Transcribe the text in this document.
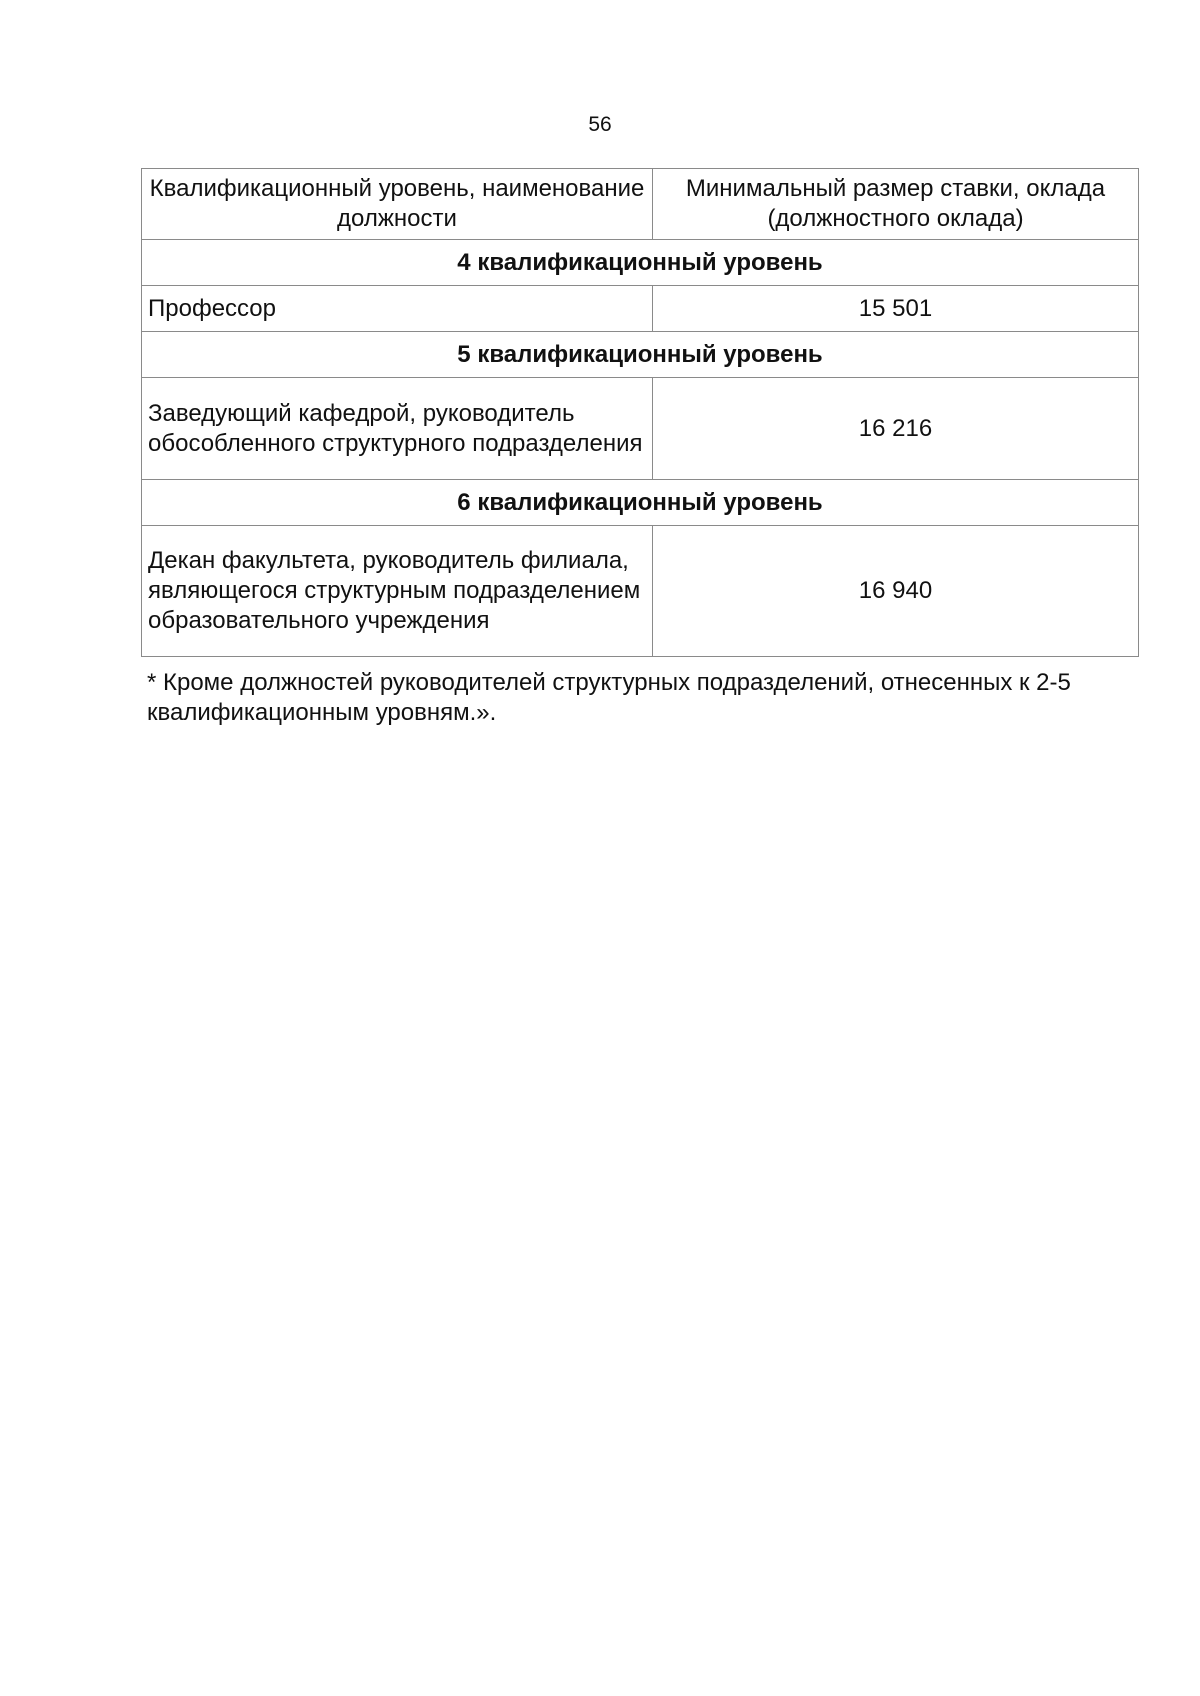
56

Квалификационный уровень, наименование должности	Минимальный размер ставки, оклада (должностного оклада)
4 квалификационный уровень	
Профессор	15 501
5 квалификационный уровень	
Заведующий кафедрой, руководитель обособленного структурного подразделения	16 216
6 квалификационный уровень	
Декан факультета, руководитель филиала, являющегося структурным подразделением образовательного учреждения	16 940

* Кроме должностей руководителей структурных подразделений, отнесенных к 2-5 квалификационным уровням.».
